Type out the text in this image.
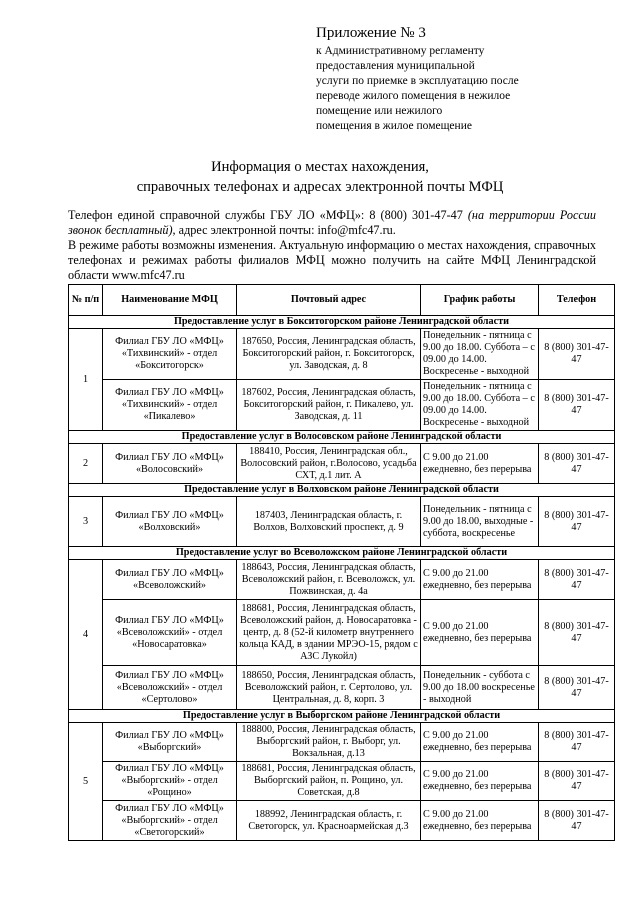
Приложение № 3
к Административному регламенту
предоставления муниципальной
услуги по приемке в эксплуатацию после
переводе жилого помещения в нежилое
помещение или нежилого
помещения в жилое помещение
Информация о местах нахождения,
справочных телефонах и адресах электронной почты МФЦ

Телефон единой справочной службы ГБУ ЛО «МФЦ»: 8 (800) 301-47-47 (на территории России звонок бесплатный), адрес электронной почты: info@mfc47.ru.

В режиме работы возможны изменения. Актуальную информацию о местах нахождения, справочных телефонах и режимах работы филиалов МФЦ можно получить на сайте МФЦ Ленинградской области www.mfc47.ru

№ п/п	Наименование МФЦ	Почтовый адрес	График работы	Телефон
Предоставление услуг в Бокситогорском районе Ленинградской области				
1	Филиал ГБУ ЛО «МФЦ» «Тихвинский» - отдел «Бокситогорск»	187650, Россия, Ленинградская область, Бокситогорский район, г. Бокситогорск, ул. Заводская, д. 8	Понедельник - пятница с 9.00 до 18.00. Суббота – с 09.00 до 14.00. Воскресенье - выходной	8 (800) 301-47-47
	Филиал ГБУ ЛО «МФЦ» «Тихвинский» - отдел «Пикалево»	187602, Россия, Ленинградская область, Бокситогорский район, г. Пикалево, ул. Заводская, д. 11	Понедельник - пятница с 9.00 до 18.00. Суббота – с 09.00 до 14.00. Воскресенье - выходной	8 (800) 301-47-47
Предоставление услуг в Волосовском районе Ленинградской области				
2	Филиал ГБУ ЛО «МФЦ» «Волосовский»	188410, Россия, Ленинградская обл., Волосовский район, г.Волосово, усадьба СХТ, д.1 лит. А	С 9.00 до 21.00 ежедневно, без перерыва	8 (800) 301-47-47
Предоставление услуг в Волховском районе Ленинградской области				
3	Филиал ГБУ ЛО «МФЦ» «Волховский»	187403, Ленинградская область, г. Волхов, Волховский проспект, д. 9	Понедельник - пятница с 9.00 до 18.00, выходные - суббота, воскресенье	8 (800) 301-47-47
Предоставление услуг во Всеволожском районе Ленинградской области				
4	Филиал ГБУ ЛО «МФЦ» «Всеволожский»	188643, Россия, Ленинградская область, Всеволожский район, г. Всеволожск, ул. Пожвинская, д. 4а	С 9.00 до 21.00 ежедневно, без перерыва	8 (800) 301-47-47
	Филиал ГБУ ЛО «МФЦ» «Всеволожский» - отдел «Новосаратовка»	188681, Россия, Ленинградская область, Всеволожский район, д. Новосаратовка - центр, д. 8 (52-й километр внутреннего кольца КАД, в здании МРЭО-15, рядом с АЗС Лукойл)	С 9.00 до 21.00 ежедневно, без перерыва	8 (800) 301-47-47
	Филиал ГБУ ЛО «МФЦ» «Всеволожский» - отдел «Сертолово»	188650, Россия, Ленинградская область, Всеволожский район, г. Сертолово, ул. Центральная, д. 8, корп. 3	Понедельник - суббота с 9.00 до 18.00 воскресенье - выходной	8 (800) 301-47-47
Предоставление услуг в Выборгском районе Ленинградской области				
5	Филиал ГБУ ЛО «МФЦ» «Выборгский»	188800, Россия, Ленинградская область, Выборгский район, г. Выборг, ул. Вокзальная, д.13	С 9.00 до 21.00 ежедневно, без перерыва	8 (800) 301-47-47
	Филиал ГБУ ЛО «МФЦ» «Выборгский» - отдел «Рощино»	188681, Россия, Ленинградская область, Выборгский район, п. Рощино, ул. Советская, д.8	С 9.00 до 21.00 ежедневно, без перерыва	8 (800) 301-47-47
	Филиал ГБУ ЛО «МФЦ» «Выборгский» - отдел «Светогорский»	188992, Ленинградская область, г. Светогорск, ул. Красноармейская д.3	С 9.00 до 21.00 ежедневно, без перерыва	8 (800) 301-47-47
